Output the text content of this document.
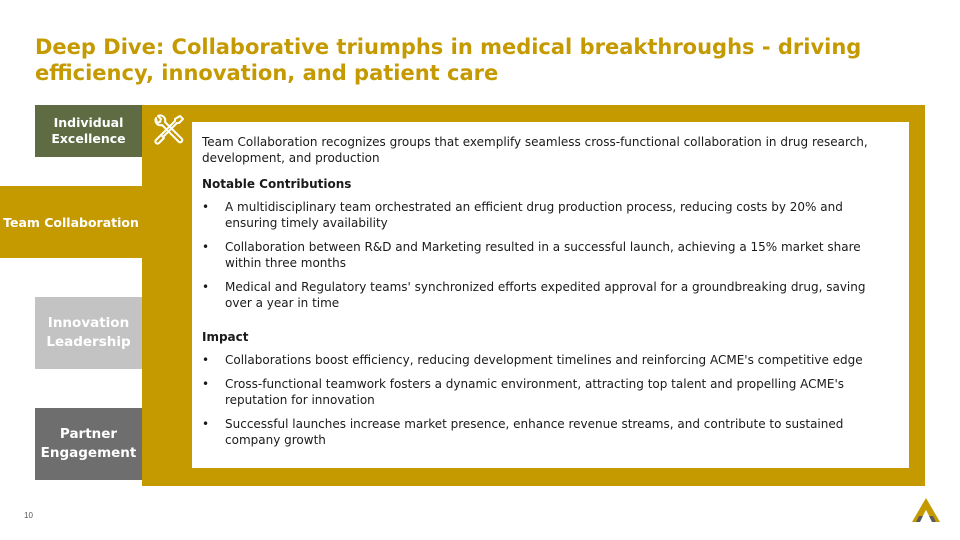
Deep Dive: Collaborative triumphs in medical breakthroughs - driving efficiency, innovation, and patient care
Individual Excellence
Team Collaboration
Innovation Leadership
Partner Engagement

Team Collaboration recognizes groups that exemplify seamless cross-functional collaboration in drug research, development, and production

Notable Contributions

• A multidisciplinary team orchestrated an efficient drug production process, reducing costs by 20% and ensuring timely availability
• Collaboration between R&D and Marketing resulted in a successful launch, achieving a 15% market share within three months
• Medical and Regulatory teams' synchronized efforts expedited approval for a groundbreaking drug, saving over a year in time

Impact

• Collaborations boost efficiency, reducing development timelines and reinforcing ACME's competitive edge
• Cross-functional teamwork fosters a dynamic environment, attracting top talent and propelling ACME's reputation for innovation
• Successful launches increase market presence, enhance revenue streams, and contribute to sustained company growth
10
